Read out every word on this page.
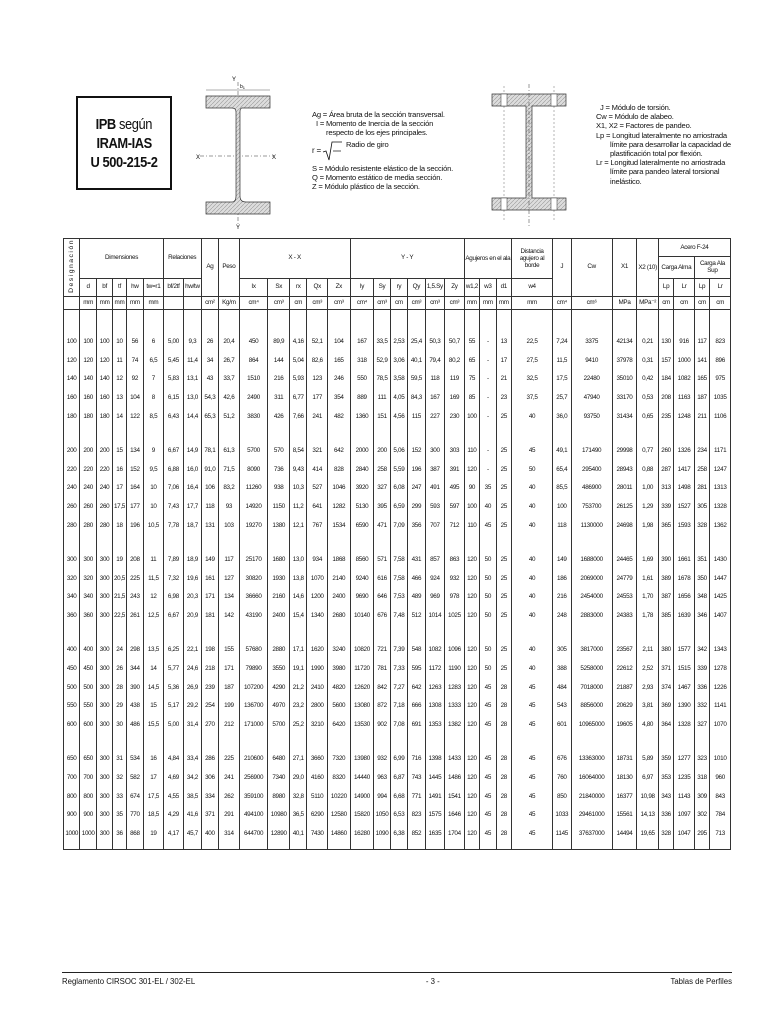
IPB según
IRAM-IAS
U 500-215-2
Y
Y
X	X
$b_1$
Ag = Área bruta de la sección transversal.
I = Momento de Inercia de la sección
respecto de los ejes principales.
r =
Radio de giro
S = Módulo resistente elástico de la sección.
Q = Momento estático de media sección.
Z = Módulo plástico de la sección.
J = Módulo de torsión.
Cw = Módulo de alabeo.
X1, X2 = Factores de pandeo.
Lp = Longitud lateralmente no arriostrada
límite para desarrollar la capacidad de
plastificación total por flexión.
Lr = Longitud lateralmente no arriostrada
límite para pandeo lateral torsional
inelástico.
Designación	Dimensiones					Relaciones		Ag	Peso	X - X					Y - Y						Agujeros en el ala			Distancia agujero al borde	J	Cw	X1	X2 (10)	Acero F-24			
																													Carga Alma		Carga Ala Sup	
	d	bf	tf	hw	tw=r1	bf/2tf	hw/tw			Ix	Sx	rx	Qx	Zx	Iy	Sy	ry	Qy	1,5.Sy	Zy	w1,2	w3	d1	w4					Lp	Lr	Lp	Lr
	mm	mm	mm	mm	mm			cm²	Kg/m	cm⁴	cm³	cm	cm³	cm³	cm⁴	cm³	cm	cm³	cm³	cm³	mm	mm	mm	mm	cm⁴	cm⁶	MPa	MPa⁻²	cm	cm	cm	cm

100	100	100	10	56	6	5,00	9,3	26	20,4	450	89,9	4,16	52,1	104	167	33,5	2,53	25,4	50,3	50,7	55	-	13	22,5	7,24	3375	42134	0,21	130	916	117	823
120	120	120	11	74	6,5	5,45	11,4	34	26,7	864	144	5,04	82,6	165	318	52,9	3,06	40,1	79,4	80,2	65	-	17	27,5	11,5	9410	37978	0,31	157	1000	141	896
140	140	140	12	92	7	5,83	13,1	43	33,7	1510	216	5,93	123	246	550	78,5	3,58	59,5	118	119	75	-	21	32,5	17,5	22480	35010	0,42	184	1082	165	975
160	160	160	13	104	8	6,15	13,0	54,3	42,6	2490	311	6,77	177	354	889	111	4,05	84,3	167	169	85	-	23	37,5	25,7	47940	33170	0,53	208	1163	187	1035
180	180	180	14	122	8,5	6,43	14,4	65,3	51,2	3830	426	7,66	241	482	1360	151	4,56	115	227	230	100	-	25	40	36,0	93750	31434	0,65	235	1248	211	1106

200	200	200	15	134	9	6,67	14,9	78,1	61,3	5700	570	8,54	321	642	2000	200	5,06	152	300	303	110	-	25	45	49,1	171490	29998	0,77	260	1326	234	1171
220	220	220	16	152	9,5	6,88	16,0	91,0	71,5	8090	736	9,43	414	828	2840	258	5,59	196	387	391	120	-	25	50	65,4	295400	28943	0,88	287	1417	258	1247
240	240	240	17	164	10	7,06	16,4	106	83,2	11260	938	10,3	527	1046	3920	327	6,08	247	491	495	90	35	25	40	85,5	486900	28011	1,00	313	1498	281	1313
260	260	260	17,5	177	10	7,43	17,7	118	93	14920	1150	11,2	641	1282	5130	395	6,59	299	593	597	100	40	25	40	100	753700	26125	1,29	339	1527	305	1328
280	280	280	18	196	10,5	7,78	18,7	131	103	19270	1380	12,1	767	1534	6590	471	7,09	356	707	712	110	45	25	40	118	1130000	24698	1,98	365	1593	328	1362

300	300	300	19	208	11	7,89	18,9	149	117	25170	1680	13,0	934	1868	8560	571	7,58	431	857	863	120	50	25	40	149	1688000	24465	1,69	390	1661	351	1430
320	320	300	20,5	225	11,5	7,32	19,6	161	127	30820	1930	13,8	1070	2140	9240	616	7,58	466	924	932	120	50	25	40	186	2069000	24779	1,61	389	1678	350	1447
340	340	300	21,5	243	12	6,98	20,3	171	134	36660	2160	14,6	1200	2400	9690	646	7,53	489	969	978	120	50	25	40	216	2454000	24553	1,70	387	1656	348	1425
360	360	300	22,5	261	12,5	6,67	20,9	181	142	43190	2400	15,4	1340	2680	10140	676	7,48	512	1014	1025	120	50	25	40	248	2883000	24383	1,78	385	1639	346	1407

400	400	300	24	298	13,5	6,25	22,1	198	155	57680	2880	17,1	1620	3240	10820	721	7,39	548	1082	1096	120	50	25	40	305	3817000	23567	2,11	380	1577	342	1343
450	450	300	26	344	14	5,77	24,6	218	171	79890	3550	19,1	1990	3980	11720	781	7,33	595	1172	1190	120	50	25	40	388	5258000	22612	2,52	371	1515	339	1278
500	500	300	28	390	14,5	5,36	26,9	239	187	107200	4290	21,2	2410	4820	12620	842	7,27	642	1263	1283	120	45	28	45	484	7018000	21887	2,93	374	1467	336	1226
550	550	300	29	438	15	5,17	29,2	254	199	136700	4970	23,2	2800	5600	13080	872	7,18	666	1308	1333	120	45	28	45	543	8856000	20629	3,81	369	1390	332	1141
600	600	300	30	486	15,5	5,00	31,4	270	212	171000	5700	25,2	3210	6420	13530	902	7,08	691	1353	1382	120	45	28	45	601	10965000	19605	4,80	364	1328	327	1070

650	650	300	31	534	16	4,84	33,4	286	225	210600	6480	27,1	3660	7320	13980	932	6,99	716	1398	1433	120	45	28	45	676	13363000	18731	5,89	359	1277	323	1010
700	700	300	32	582	17	4,69	34,2	306	241	256900	7340	29,0	4160	8320	14440	963	6,87	743	1445	1486	120	45	28	45	760	16064000	18130	6,97	353	1235	318	960
800	800	300	33	674	17,5	4,55	38,5	334	262	359100	8980	32,8	5110	10220	14900	994	6,68	771	1491	1541	120	45	28	45	850	21840000	16377	10,98	343	1143	309	843
900	900	300	35	770	18,5	4,29	41,6	371	291	494100	10980	36,5	6290	12580	15820	1050	6,53	823	1575	1646	120	45	28	45	1033	29461000	15561	14,13	336	1097	302	784
1000	1000	300	36	868	19	4,17	45,7	400	314	644700	12890	40,1	7430	14860	16280	1090	6,38	852	1635	1704	120	45	28	45	1145	37637000	14494	19,65	328	1047	295	713

Reglamento CIRSOC 301-EL / 302-EL	- 3 -	Tablas de Perfiles
